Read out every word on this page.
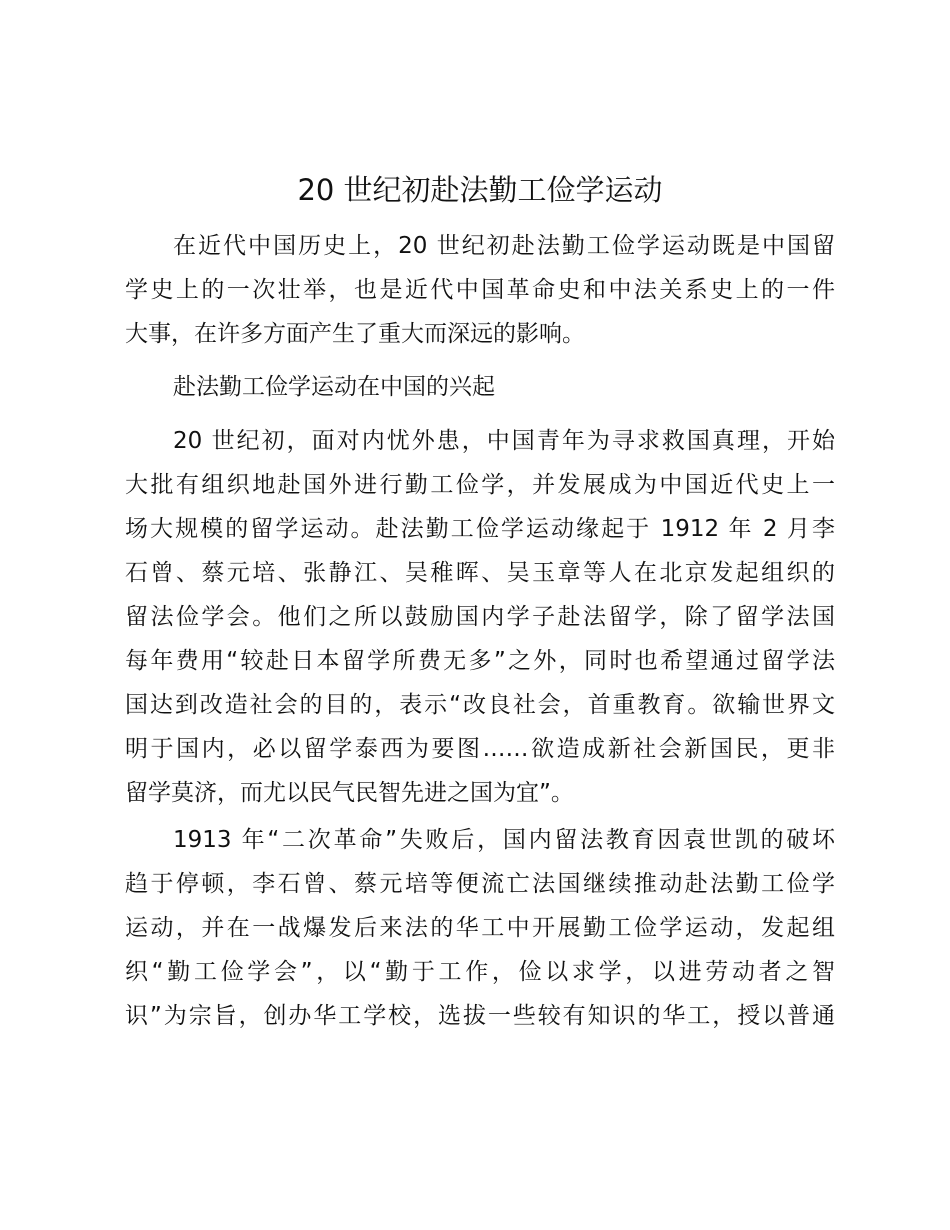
20 世纪初赴法勤工俭学运动

在近代中国历史上，20 世纪初赴法勤工俭学运动既是中国留
学史上的一次壮举，也是近代中国革命史和中法关系史上的一件
大事，在许多方面产生了重大而深远的影响。

赴法勤工俭学运动在中国的兴起

20 世纪初，面对内忧外患，中国青年为寻求救国真理，开始
大批有组织地赴国外进行勤工俭学，并发展成为中国近代史上一
场大规模的留学运动。赴法勤工俭学运动缘起于 1912 年 2 月李
石曾、蔡元培、张静江、吴稚晖、吴玉章等人在北京发起组织的
留法俭学会。他们之所以鼓励国内学子赴法留学，除了留学法国
每年费用“较赴日本留学所费无多”之外，同时也希望通过留学法
国达到改造社会的目的，表示“改良社会，首重教育。欲输世界文
明于国内，必以留学泰西为要图……欲造成新社会新国民，更非
留学莫济，而尤以民气民智先进之国为宜”。

1913 年“二次革命”失败后，国内留法教育因袁世凯的破坏
趋于停顿，李石曾、蔡元培等便流亡法国继续推动赴法勤工俭学
运动，并在一战爆发后来法的华工中开展勤工俭学运动，发起组
织“勤工俭学会”，以“勤于工作，俭以求学，以进劳动者之智
识”为宗旨，创办华工学校，选拔一些较有知识的华工，授以普通
